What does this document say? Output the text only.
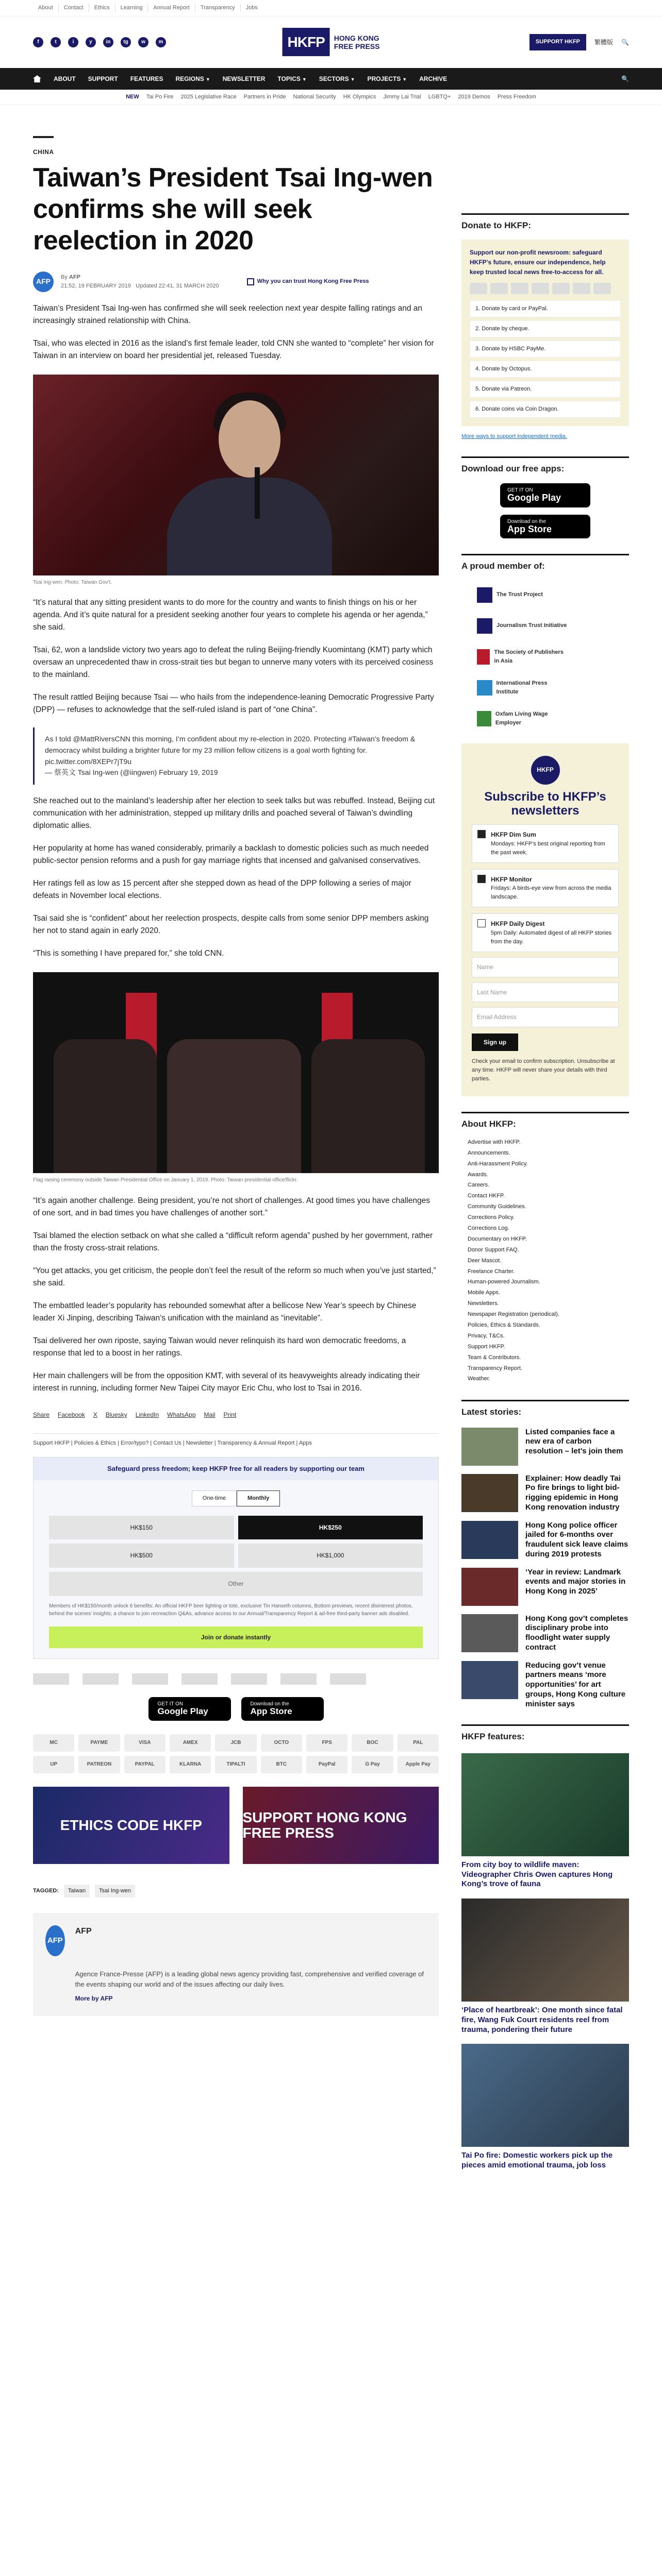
About	Contact	Ethics	Learning	Annual Report	Transparency	Jobs
f	t	i	y	in	tg	w	m	HKFP	HONG KONG
FREE PRESS
SUPPORT HKFP	繁體版 🔍
ABOUT SUPPORT FEATURES REGIONS ▼ NEWSLETTER TOPICS ▼ SECTORS ▼ PROJECTS ▼ ARCHIVE	🔍
NEW Tai Po Fire 2025 Legislative Race Partners in Pride National Security HK Olympics Jimmy Lai Trial LGBTQ+ 2019 Demos Press Freedom
CHINA
Taiwan’s President Tsai Ing-wen confirms she will seek reelection in 2020
AFP
By AFP
21:52, 19 FEBRUARY 2019 Updated 22:41, 31 MARCH 2020
Why you can trust Hong Kong Free Press

Taiwan’s President Tsai Ing-wen has confirmed she will seek reelection next year despite falling ratings and an increasingly strained relationship with China.

Tsai, who was elected in 2016 as the island’s first female leader, told CNN she wanted to “complete” her vision for Taiwan in an interview on board her presidential jet, released Tuesday.

Tsai Ing-wen. Photo: Taiwan Gov’t.

“It’s natural that any sitting president wants to do more for the country and wants to finish things on his or her agenda. And it’s quite natural for a president seeking another four years to complete his agenda or her agenda,” she said.

Tsai, 62, won a landslide victory two years ago to defeat the ruling Beijing-friendly Kuomintang (KMT) party which oversaw an unprecedented thaw in cross-strait ties but began to unnerve many voters with its perceived cosiness to the mainland.

The result rattled Beijing because Tsai — who hails from the independence-leaning Democratic Progressive Party (DPP) — refuses to acknowledge that the self-ruled island is part of “one China”.

As I told @MattRiversCNN this morning, I’m confident about my re-election in 2020. Protecting #Taiwan’s freedom & democracy whilst building a brighter future for my 23 million fellow citizens is a goal worth fighting for. pic.twitter.com/8XEPr7jT9u
— 蔡英文 Tsai Ing-wen (@iingwen) February 19, 2019

She reached out to the mainland’s leadership after her election to seek talks but was rebuffed. Instead, Beijing cut communication with her administration, stepped up military drills and poached several of Taiwan’s dwindling diplomatic allies.

Her popularity at home has waned considerably, primarily a backlash to domestic policies such as much needed public-sector pension reforms and a push for gay marriage rights that incensed and galvanised conservatives.

Her ratings fell as low as 15 percent after she stepped down as head of the DPP following a series of major defeats in November local elections.

Tsai said she is “confident” about her reelection prospects, despite calls from some senior DPP members asking her not to stand again in early 2020.

“This is something I have prepared for,” she told CNN.

Flag raising ceremony outside Taiwan Presidential Office on January 1, 2019. Photo: Taiwan presidential office/flickr.

“It’s again another challenge. Being president, you’re not short of challenges. At good times you have challenges of one sort, and in bad times you have challenges of another sort.”

Tsai blamed the election setback on what she called a “difficult reform agenda” pushed by her government, rather than the frosty cross-strait relations.

“You get attacks, you get criticism, the people don’t feel the result of the reform so much when you’ve just started,” she said.

The embattled leader’s popularity has rebounded somewhat after a bellicose New Year’s speech by Chinese leader Xi Jinping, describing Taiwan’s unification with the mainland as “inevitable”.

Tsai delivered her own riposte, saying Taiwan would never relinquish its hard won democratic freedoms, a response that led to a boost in her ratings.

Her main challengers will be from the opposition KMT, with several of its heavyweights already indicating their interest in running, including former New Taipei City mayor Eric Chu, who lost to Tsai in 2016.

Share Facebook X Bluesky LinkedIn WhatsApp Mail Print
Support HKFP | Policies & Ethics | Error/typo? | Contact Us | Newsletter | Transparency & Annual Report | Apps
Safeguard press freedom; keep HKFP free for all readers by supporting our team
One-time	Monthly
HK$150	HK$250
HK$500	HK$1,000
Other
Members of HK$150/month unlock 6 benefits: An official HKFP beer lighting or tote, exclusive Tin Hanseth columns, Bottom previews, recent disinterest photos, behind the scenes’ insights; a chance to join recreaction Q&As, advance access to our Annual/Transparency Report & ad-free third-party banner ads disabled.
Join or donate instantly
GET IT ON
Google Play
Download on the
App Store
MC	PAYME	VISA	AMEX	JCB	OCTO	FPS	BOC	PAL
UP	PATREON	PAYPAL	KLARNA	TIPALTI	BTC	PayPal	G Pay	Apple Pay
ETHICS CODE HKFP	SUPPORT HONG KONG FREE PRESS
TAGGED:	Taiwan	Tsai Ing-wen
AFP
AFP
Agence France-Presse (AFP) is a leading global news agency providing fast, comprehensive and verified coverage of the events shaping our world and of the issues affecting our daily lives.
More by AFP
Donate to HKFP:
Support our non-profit newsroom: safeguard HKFP’s future, ensure our independence, help keep trusted local news free-to-access for all.
1. Donate by card or PayPal.
2. Donate by cheque.
3. Donate by HSBC PayMe.
4. Donate by Octopus.
5. Donate via Patreon.
6. Donate coins via Coin Dragon.
More ways to support independent media.
Download our free apps:
GET IT ON
Google Play
Download on the
App Store
A proud member of:
The Trust Project
Journalism Trust Initiative
The Society of Publishers in Asia
International Press Institute
Oxfam Living Wage Employer
HKFP
Subscribe to HKFP’s newsletters
HKFP Dim Sum
Mondays: HKFP’s best original reporting from the past week.
HKFP Monitor
Fridays: A birds-eye view from across the media landscape.
HKFP Daily Digest
5pm Daily: Automated digest of all HKFP stories from the day.
Name
Last Name
Email Address
Sign up
Check your email to confirm subscription. Unsubscribe at any time. HKFP will never share your details with third parties.
About HKFP:
Advertise with HKFP.
Announcements.
Anti-Harassment Policy.
Awards.
Careers.
Contact HKFP.
Community Guidelines.
Corrections Policy.
Corrections Log.
Documentary on HKFP.
Donor Support FAQ.
Deer Mascot.
Freelance Charter.
Human-powered Journalism.
Mobile Apps.
Newsletters.
Newspaper Registration (periodical).
Policies, Ethics & Standards.
Privacy, T&Cs.
Support HKFP.
Team & Contributors.
Transparency Report.
Weather.
Latest stories:
Listed companies face a new era of carbon resolution – let’s join them
Explainer: How deadly Tai Po fire brings to light bid-rigging epidemic in Hong Kong renovation industry
Hong Kong police officer jailed for 6-months over fraudulent sick leave claims during 2019 protests
‘Year in review: Landmark events and major stories in Hong Kong in 2025’
Hong Kong gov’t completes disciplinary probe into floodlight water supply contract
Reducing gov’t venue partners means ‘more opportunities’ for art groups, Hong Kong culture minister says
HKFP features:
From city boy to wildlife maven: Videographer Chris Owen captures Hong Kong’s trove of fauna
‘Place of heartbreak’: One month since fatal fire, Wang Fuk Court residents reel from trauma, pondering their future
Tai Po fire: Domestic workers pick up the pieces amid emotional trauma, job loss
